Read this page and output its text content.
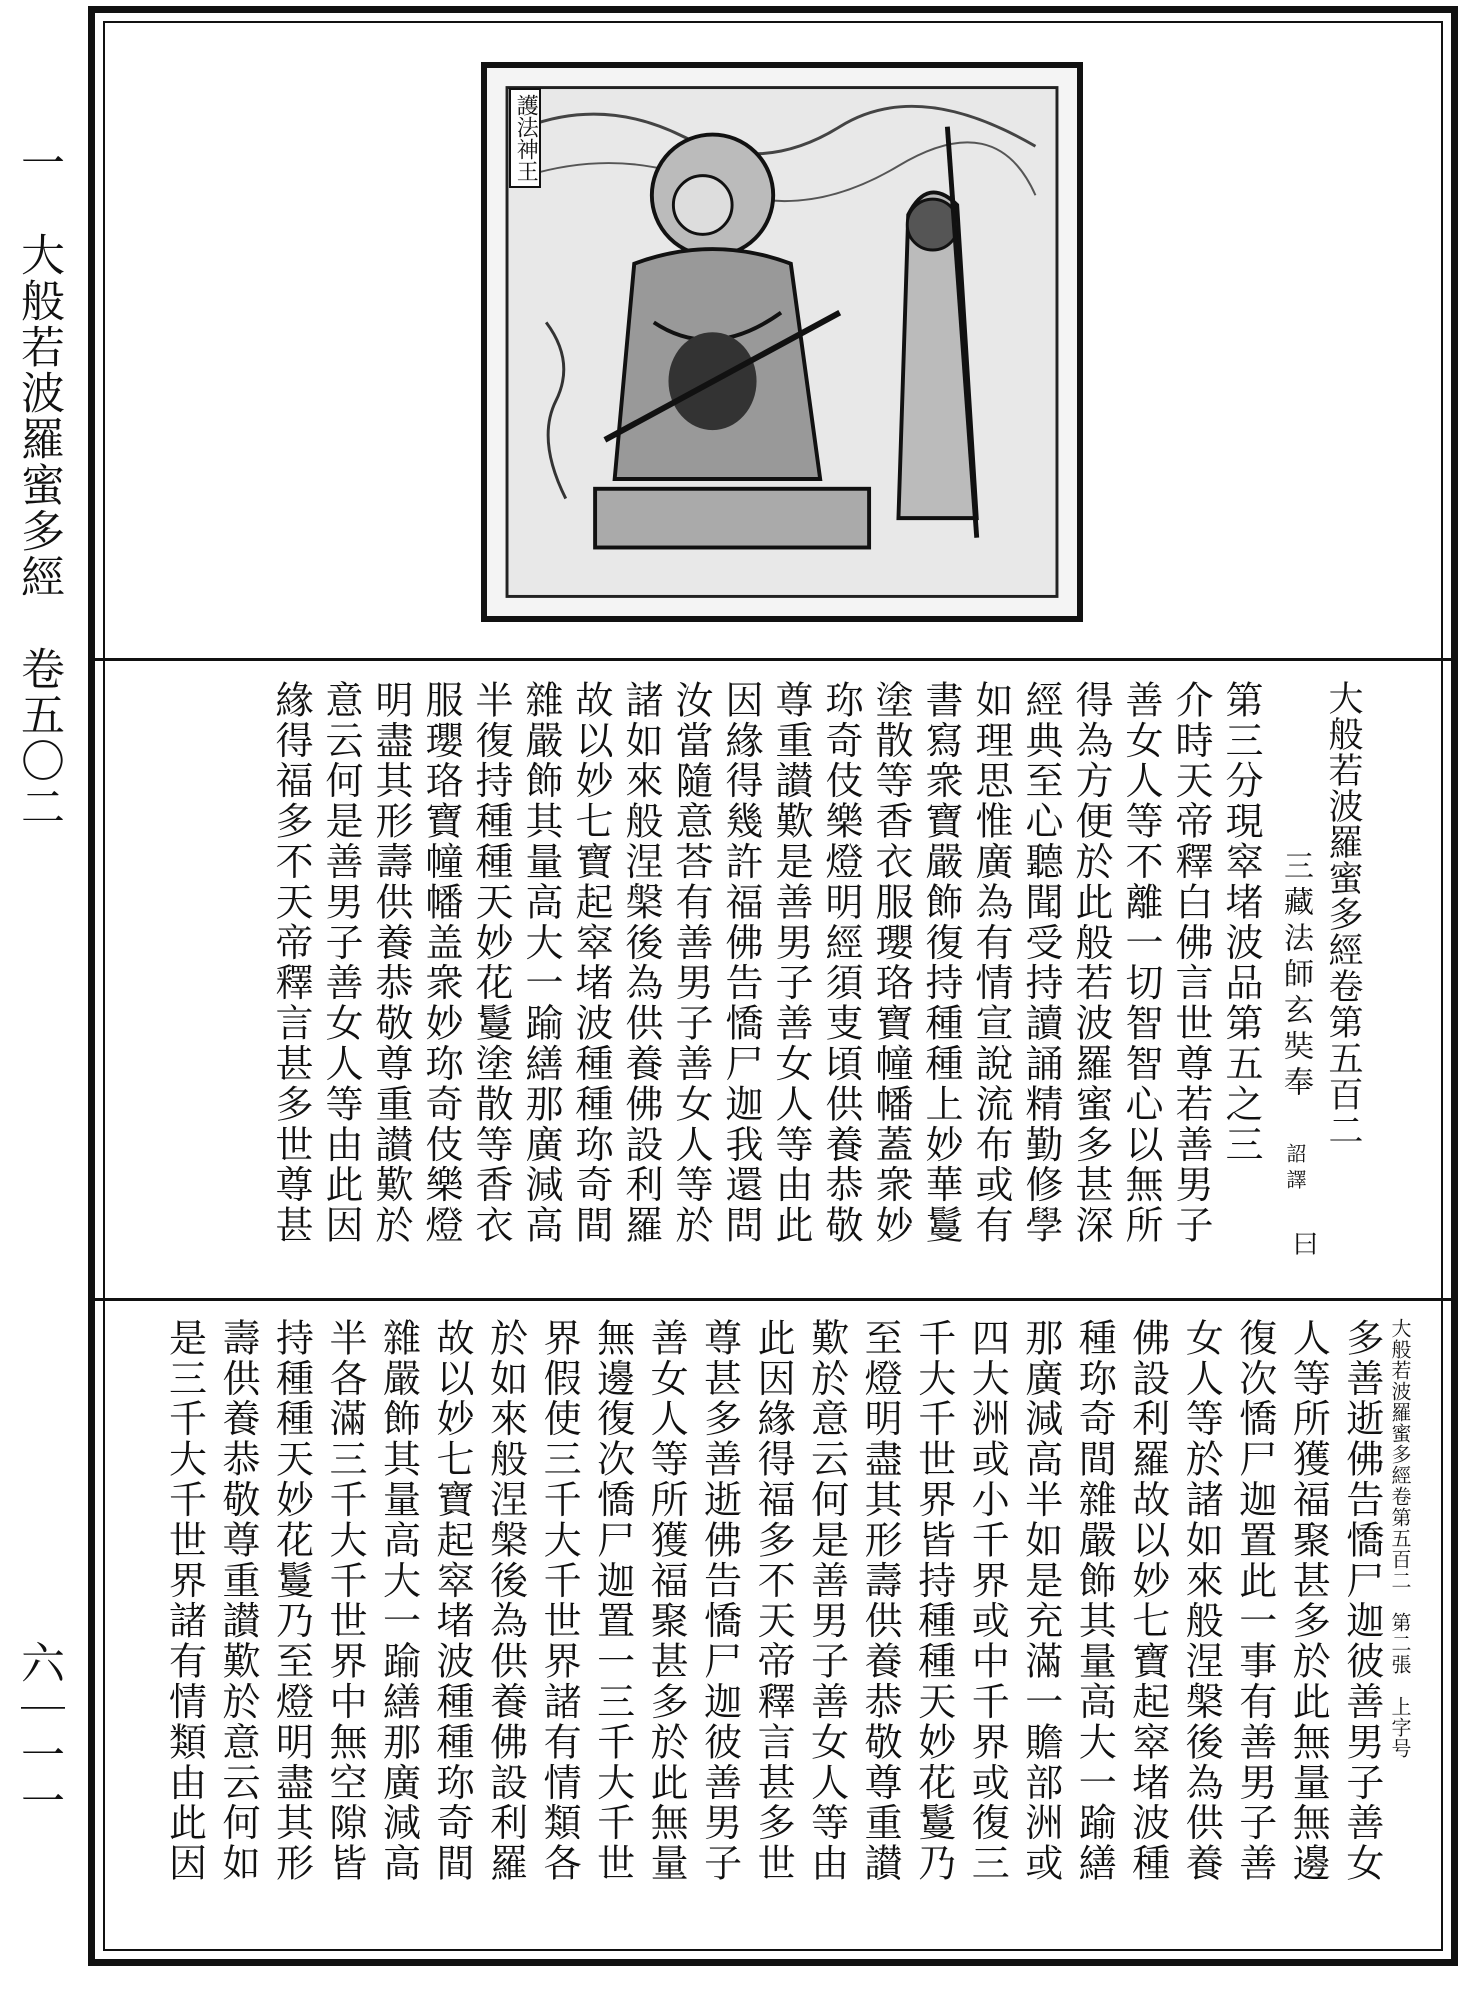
一　大般若波羅蜜多經　卷五〇二
六｜一一
護法神王
大般若波羅蜜多經卷第五百二
三藏法師玄奘奉 詔譯
第三分現窣堵波品第五之三
介時天帝釋白佛言世尊若善男子
善女人等不離一切智智心以無所
得為方便於此般若波羅蜜多甚深
經典至心聽聞受持讀誦精勤修學
如理思惟廣為有情宣說流布或有
書寫衆寶嚴飾復持種種上妙華鬘
塗散等香衣服瓔珞寶幢幡蓋衆妙
珎奇伎樂燈明經須叓頃供養恭敬
尊重讃歎是善男子善女人等由此
因緣得幾許福佛告憍尸迦我還問
汝當隨意荅有善男子善女人等於
諸如來般涅槃後為供養佛設利羅
故以妙七寶起窣堵波種種珎奇間
雜嚴飾其量高大一踰繕那廣減高
半復持種種天妙花鬘塗散等香衣
服瓔珞寶幢幡盖衆妙珎奇伎樂燈
明盡其形壽供養恭敬尊重讃歎於
意云何是善男子善女人等由此因
緣得福多不天帝釋言甚多世尊甚	曰
大般若波羅蜜多經卷第五百二　第二張　上字号
多善逝佛告憍尸迦彼善男子善女
人等所獲福聚甚多於此無量無邊
復次憍尸迦置此一事有善男子善
女人等於諸如來般涅槃後為供養
佛設利羅故以妙七寶起窣堵波種
種珎奇間雜嚴飾其量高大一踰繕
那廣減高半如是充滿一贍部洲或
四大洲或小千界或中千界或復三
千大千世界皆持種種天妙花鬘乃
至燈明盡其形壽供養恭敬尊重讃
歎於意云何是善男子善女人等由
此因緣得福多不天帝釋言甚多世
尊甚多善逝佛告憍尸迦彼善男子
善女人等所獲福聚甚多於此無量
無邊復次憍尸迦置一三千大千世
界假使三千大千世界諸有情類各
於如來般涅槃後為供養佛設利羅
故以妙七寶起窣堵波種種珎奇間
雜嚴飾其量高大一踰繕那廣減高
半各滿三千大千世界中無空隙皆
持種種天妙花鬘乃至燈明盡其形
壽供養恭敬尊重讃歎於意云何如
是三千大千世界諸有情類由此因
